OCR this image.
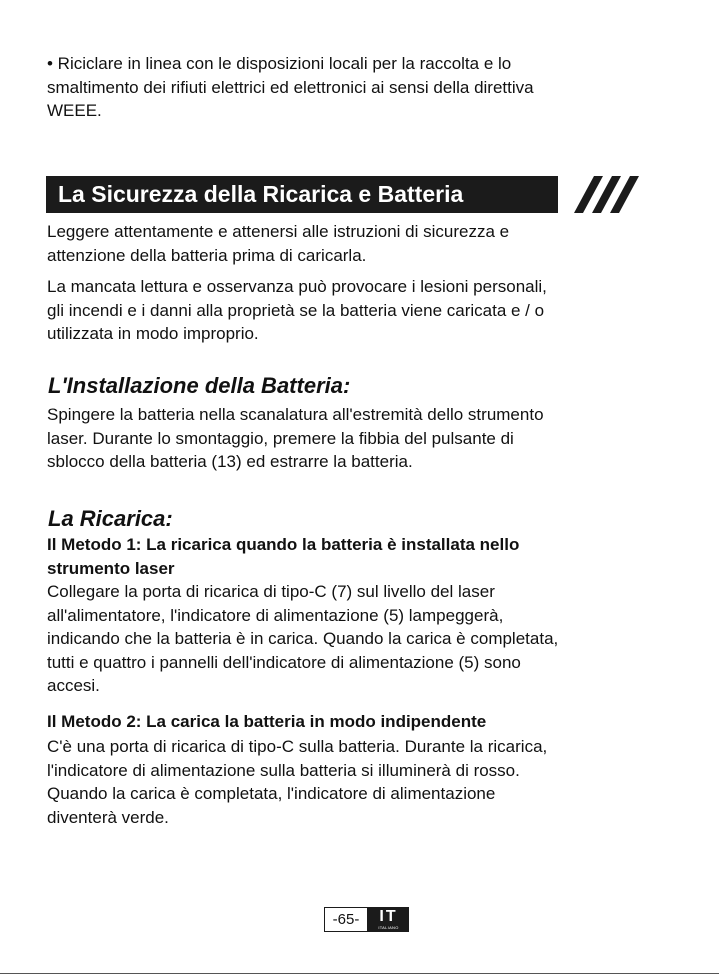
• Riciclare in linea con le disposizioni locali per la raccolta e lo
smaltimento dei rifiuti elettrici ed elettronici ai sensi della direttiva
WEEE.

La Sicurezza della Ricarica e Batteria

Leggere attentamente e attenersi alle istruzioni di sicurezza e
attenzione della batteria prima di caricarla.

La mancata lettura e osservanza può provocare i lesioni personali,
gli incendi e i danni alla proprietà se la batteria viene caricata e / o
utilizzata in modo improprio.

L'Installazione della Batteria:

Spingere la batteria nella scanalatura all'estremità dello strumento
laser. Durante lo smontaggio, premere la fibbia del pulsante di
sblocco della batteria (13) ed estrarre la batteria.

La Ricarica:

Il Metodo 1: La ricarica quando la batteria è installata nello
strumento laser

Collegare la porta di ricarica di tipo-C (7) sul livello del laser
all'alimentatore, l'indicatore di alimentazione (5) lampeggerà,
indicando che la batteria è in carica. Quando la carica è completata,
tutti e quattro i pannelli dell'indicatore di alimentazione (5) sono
accesi.

Il Metodo 2: La carica la batteria in modo indipendente

C'è una porta di ricarica di tipo-C sulla batteria. Durante la ricarica,
l'indicatore di alimentazione sulla batteria si illuminerà di rosso.
Quando la carica è completata, l'indicatore di alimentazione
diventerà verde.

-65-	IT
ITALIANO
